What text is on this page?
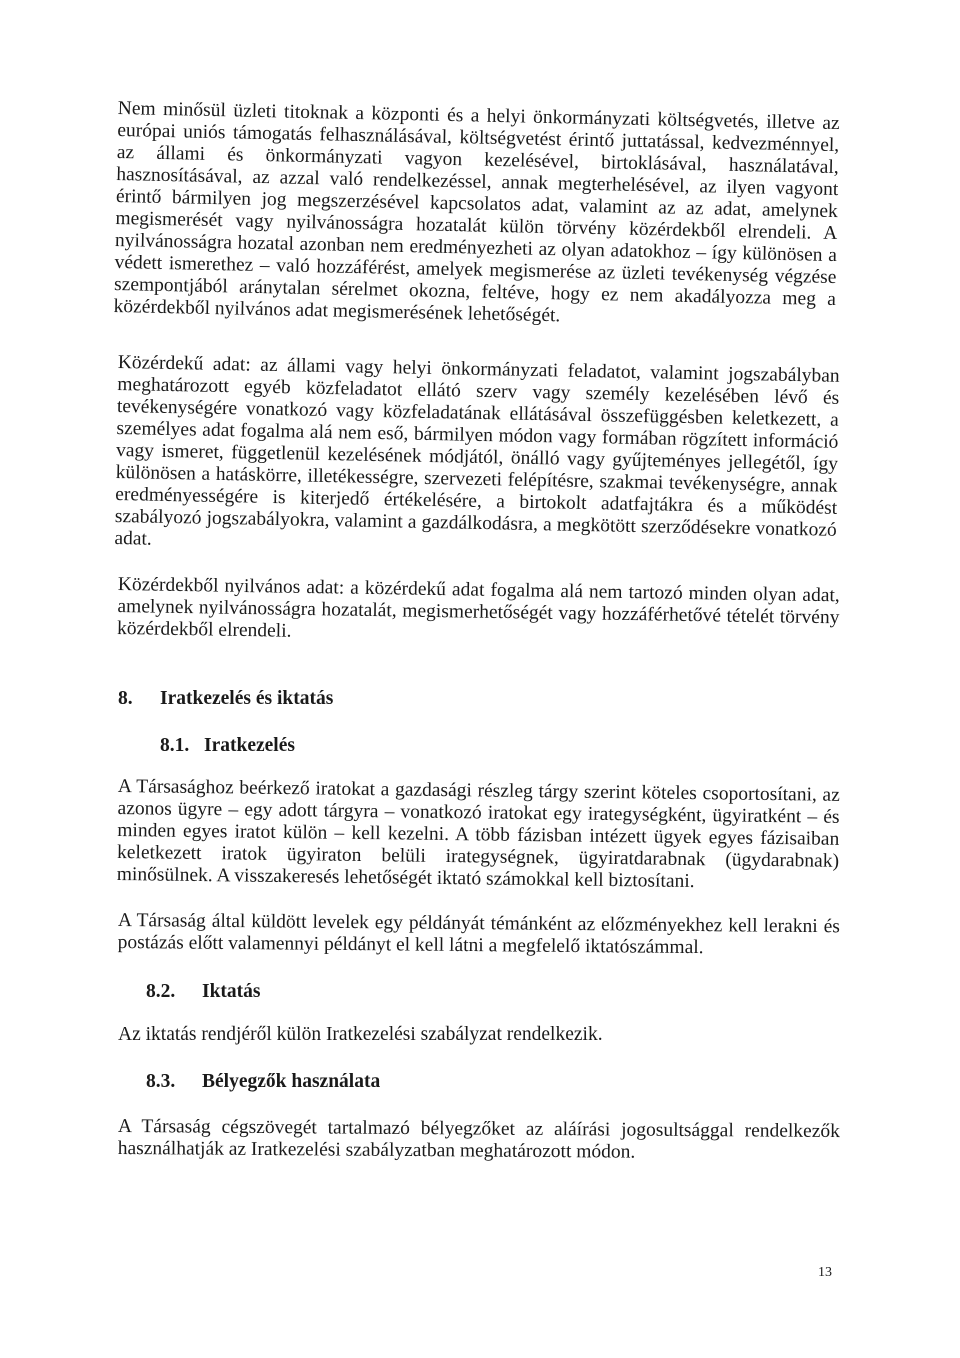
Nem minősül üzleti titoknak a központi és a helyi önkormányzati költségvetés, illetve az európai uniós támogatás felhasználásával, költségvetést érintő juttatással, kedvezménnyel, az állami és önkormányzati vagyon kezelésével, birtoklásával, használatával, hasznosításával, az azzal való rendelkezéssel, annak megterhelésével, az ilyen vagyont érintő bármilyen jog megszerzésével kapcsolatos adat, valamint az az adat, amelynek megismerését vagy nyilvánosságra hozatalát külön törvény közérdekből elrendeli. A nyilvánosságra hozatal azonban nem eredményezheti az olyan adatokhoz – így különösen a védett ismerethez – való hozzáférést, amelyek megismerése az üzleti tevékenység végzése szempontjából aránytalan sérelmet okozna, feltéve, hogy ez nem akadályozza meg a közérdekből nyilvános adat megismerésének lehetőségét.

Közérdekű adat: az állami vagy helyi önkormányzati feladatot, valamint jogszabályban meghatározott egyéb közfeladatot ellátó szerv vagy személy kezelésében lévő és tevékenységére vonatkozó vagy közfeladatának ellátásával összefüggésben keletkezett, a személyes adat fogalma alá nem eső, bármilyen módon vagy formában rögzített információ vagy ismeret, függetlenül kezelésének módjától, önálló vagy gyűjteményes jellegétől, így különösen a hatáskörre, illetékességre, szervezeti felépítésre, szakmai tevékenységre, annak eredményességére is kiterjedő értékelésére, a birtokolt adatfajtákra és a működést szabályozó jogszabályokra, valamint a gazdálkodásra, a megkötött szerződésekre vonatkozó adat.

Közérdekből nyilvános adat: a közérdekű adat fogalma alá nem tartozó minden olyan adat, amelynek nyilvánosságra hozatalát, megismerhetőségét vagy hozzáférhetővé tételét törvény közérdekből elrendeli.

8. Iratkezelés és iktatás
8.1. Iratkezelés

A Társasághoz beérkező iratokat a gazdasági részleg tárgy szerint köteles csoportosítani, az azonos ügyre – egy adott tárgyra – vonatkozó iratokat egy irategységként, ügyiratként – és minden egyes iratot külön – kell kezelni. A több fázisban intézett ügyek egyes fázisaiban keletkezett iratok ügyiraton belüli irategységnek, ügyiratdarabnak (ügydarabnak) minősülnek. A visszakeresés lehetőségét iktató számokkal kell biztosítani.

A Társaság által küldött levelek egy példányát témánként az előzményekhez kell lerakni és postázás előtt valamennyi példányt el kell látni a megfelelő iktatószámmal.

8.2. Iktatás

Az iktatás rendjéről külön Iratkezelési szabályzat rendelkezik.

8.3. Bélyegzők használata

A Társaság cégszövegét tartalmazó bélyegzőket az aláírási jogosultsággal rendelkezők használhatják az Iratkezelési szabályzatban meghatározott módon.

13
